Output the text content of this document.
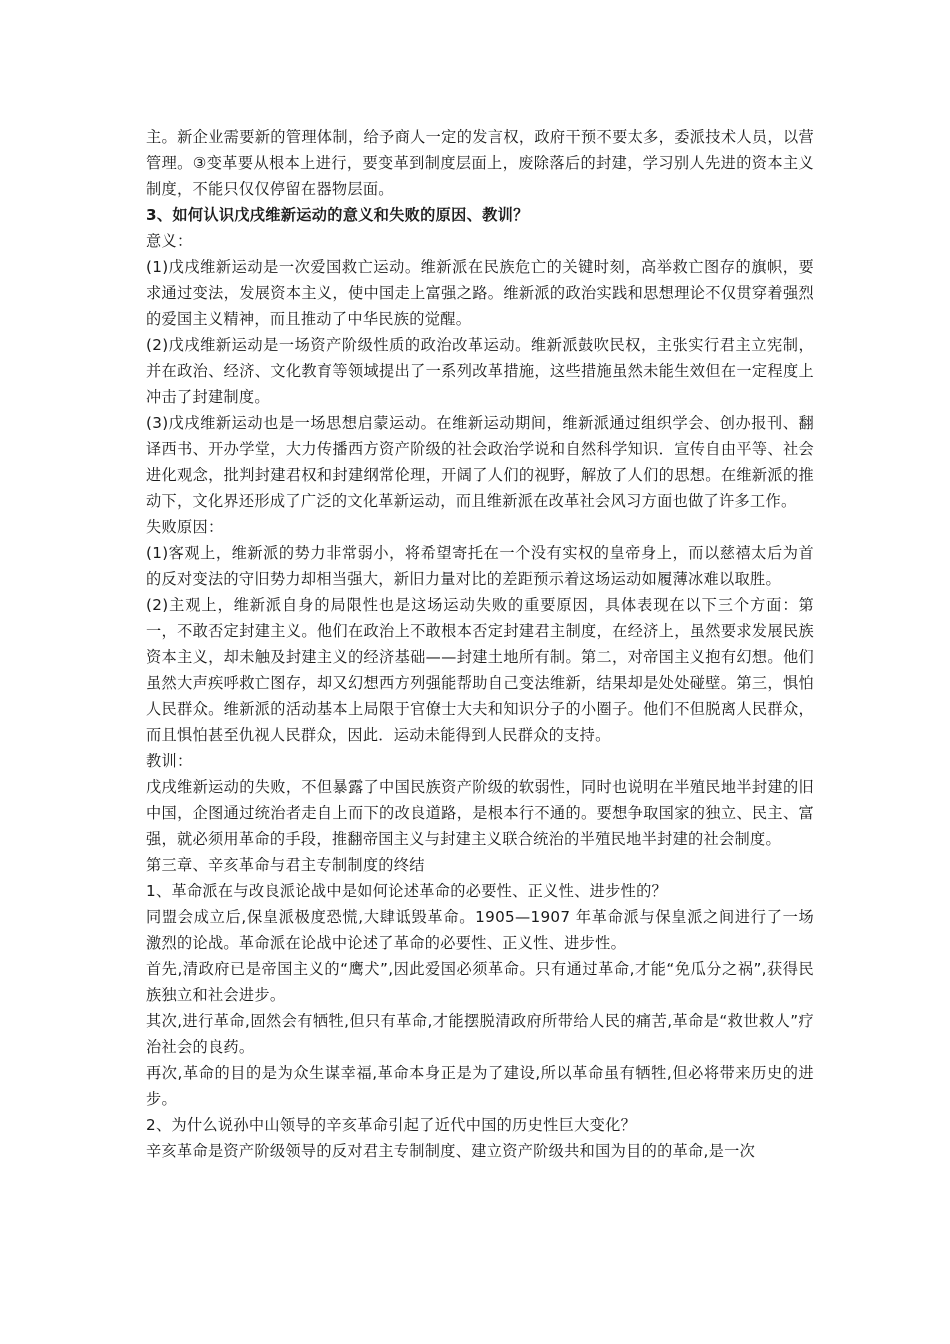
主。新企业需要新的管理体制，给予商人一定的发言权，政府干预不要太多，委派技术人员，以营管理。③变革要从根本上进行，要变革到制度层面上，废除落后的封建，学习别人先进的资本主义制度，不能只仅仅停留在器物层面。

3、如何认识戊戌维新运动的意义和失败的原因、教训？

意义：

(1)戊戌维新运动是一次爱国救亡运动。维新派在民族危亡的关键时刻，高举救亡图存的旗帜，要求通过变法，发展资本主义，使中国走上富强之路。维新派的政治实践和思想理论不仅贯穿着强烈的爱国主义精神，而且推动了中华民族的觉醒。

(2)戊戌维新运动是一场资产阶级性质的政治改革运动。维新派鼓吹民权，主张实行君主立宪制，并在政治、经济、文化教育等领域提出了一系列改革措施，这些措施虽然未能生效但在一定程度上冲击了封建制度。

(3)戊戌维新运动也是一场思想启蒙运动。在维新运动期间，维新派通过组织学会、创办报刊、翻译西书、开办学堂，大力传播西方资产阶级的社会政治学说和自然科学知识．宣传自由平等、社会进化观念，批判封建君权和封建纲常伦理，开阔了人们的视野，解放了人们的思想。在维新派的推动下，文化界还形成了广泛的文化革新运动，而且维新派在改革社会风习方面也做了许多工作。

失败原因：

(1)客观上，维新派的势力非常弱小，将希望寄托在一个没有实权的皇帝身上，而以慈禧太后为首的反对变法的守旧势力却相当强大，新旧力量对比的差距预示着这场运动如履薄冰难以取胜。

(2)主观上，维新派自身的局限性也是这场运动失败的重要原因，具体表现在以下三个方面：第一，不敢否定封建主义。他们在政治上不敢根本否定封建君主制度，在经济上，虽然要求发展民族资本主义，却未触及封建主义的经济基础——封建土地所有制。第二，对帝国主义抱有幻想。他们虽然大声疾呼救亡图存，却又幻想西方列强能帮助自己变法维新，结果却是处处碰壁。第三，惧怕人民群众。维新派的活动基本上局限于官僚士大夫和知识分子的小圈子。他们不但脱离人民群众，而且惧怕甚至仇视人民群众，因此．运动未能得到人民群众的支持。

教训：

戊戌维新运动的失败，不但暴露了中国民族资产阶级的软弱性，同时也说明在半殖民地半封建的旧中国，企图通过统治者走自上而下的改良道路，是根本行不通的。要想争取国家的独立、民主、富强，就必须用革命的手段，推翻帝国主义与封建主义联合统治的半殖民地半封建的社会制度。

第三章、辛亥革命与君主专制制度的终结

1、革命派在与改良派论战中是如何论述革命的必要性、正义性、进步性的？

同盟会成立后,保皇派极度恐慌,大肆诋毁革命。1905—1907 年革命派与保皇派之间进行了一场激烈的论战。革命派在论战中论述了革命的必要性、正义性、进步性。

首先,清政府已是帝国主义的“鹰犬”,因此爱国必须革命。只有通过革命,才能“免瓜分之祸”,获得民族独立和社会进步。

其次,进行革命,固然会有牺牲,但只有革命,才能摆脱清政府所带给人民的痛苦,革命是“救世救人”疗治社会的良药。

再次,革命的目的是为众生谋幸福,革命本身正是为了建设,所以革命虽有牺牲,但必将带来历史的进步。

2、为什么说孙中山领导的辛亥革命引起了近代中国的历史性巨大变化？

辛亥革命是资产阶级领导的反对君主专制制度、建立资产阶级共和国为目的的革命,是一次
